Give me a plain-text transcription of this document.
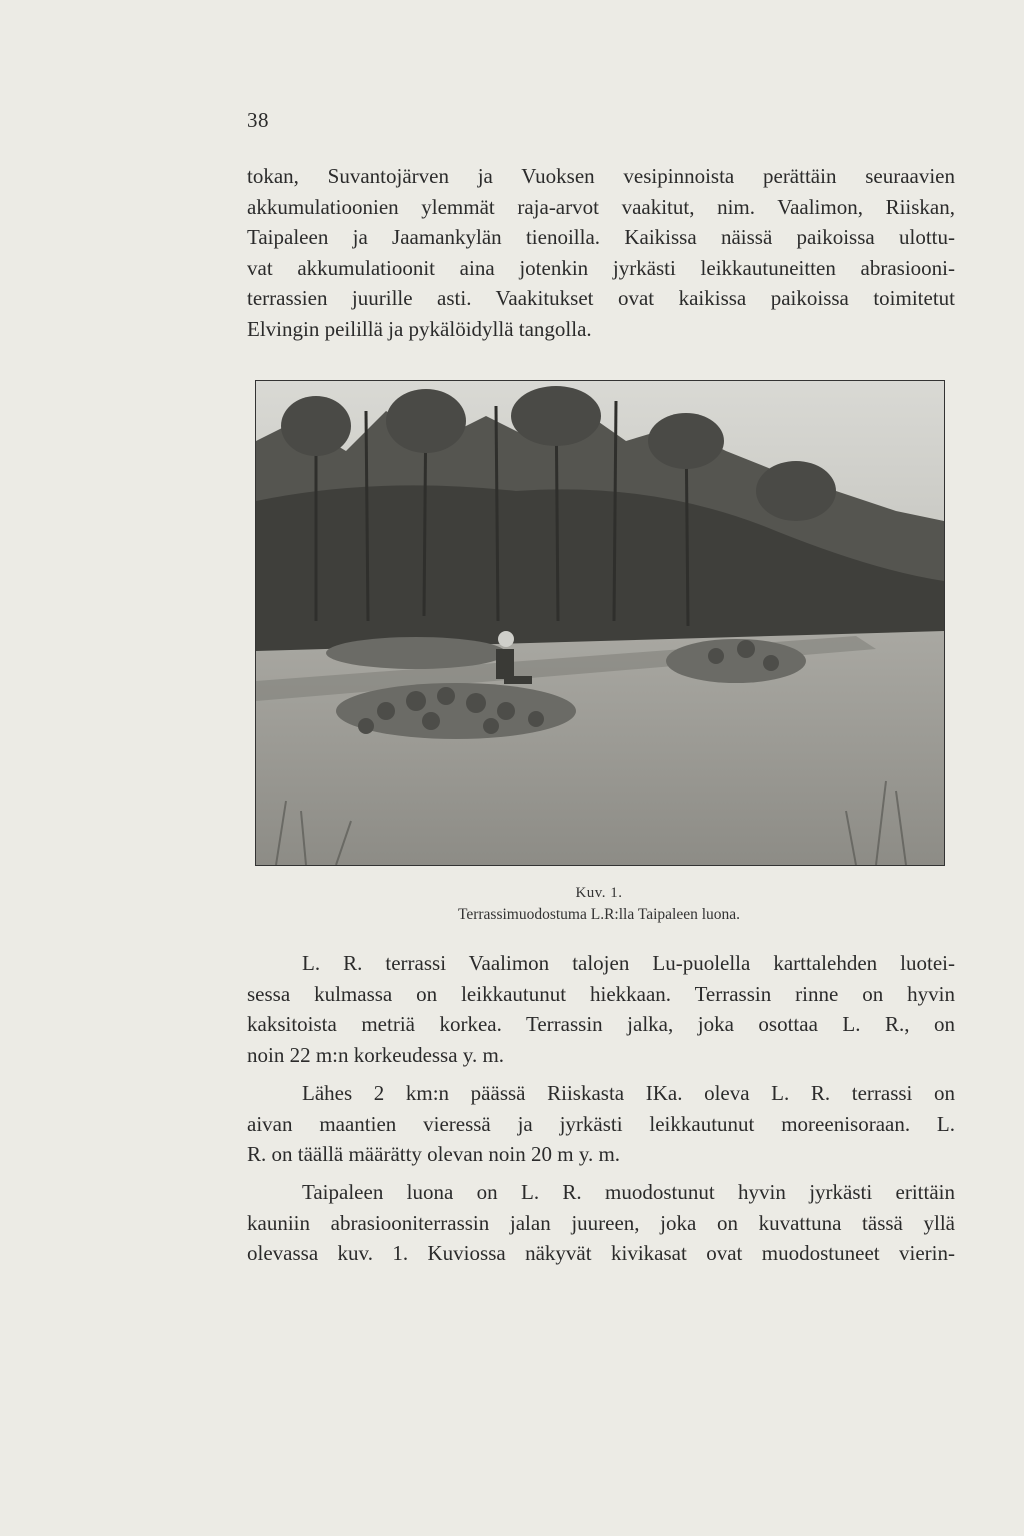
38
tokan, Suvantojärven ja Vuoksen vesipinnoista perättäin seuraavien
akkumulatioonien ylemmät raja-arvot vaakitut, nim. Vaalimon, Riiskan,
Taipaleen ja Jaamankylän tienoilla. Kaikissa näissä paikoissa ulottu-
vat akkumulatioonit aina jotenkin jyrkästi leikkautuneitten abrasiooni-
terrassien juurille asti. Vaakitukset ovat kaikissa paikoissa toimitetut
Elvingin peilillä ja pykälöidyllä tangolla.
Kuv. 1.
Terrassimuodostuma L.R:lla Taipaleen luona.
L. R. terrassi Vaalimon talojen Lu-puolella karttalehden luotei-
sessa kulmassa on leikkautunut hiekkaan. Terrassin rinne on hyvin
kaksitoista metriä korkea. Terrassin jalka, joka osottaa L. R., on
noin 22 m:n korkeudessa y. m.
Lähes 2 km:n päässä Riiskasta IKa. oleva L. R. terrassi on
aivan maantien vieressä ja jyrkästi leikkautunut moreenisoraan. L.
R. on täällä määrätty olevan noin 20 m y. m.
Taipaleen luona on L. R. muodostunut hyvin jyrkästi erittäin
kauniin abrasiooniterrassin jalan juureen, joka on kuvattuna tässä yllä
olevassa kuv. 1. Kuviossa näkyvät kivikasat ovat muodostuneet vierin-
